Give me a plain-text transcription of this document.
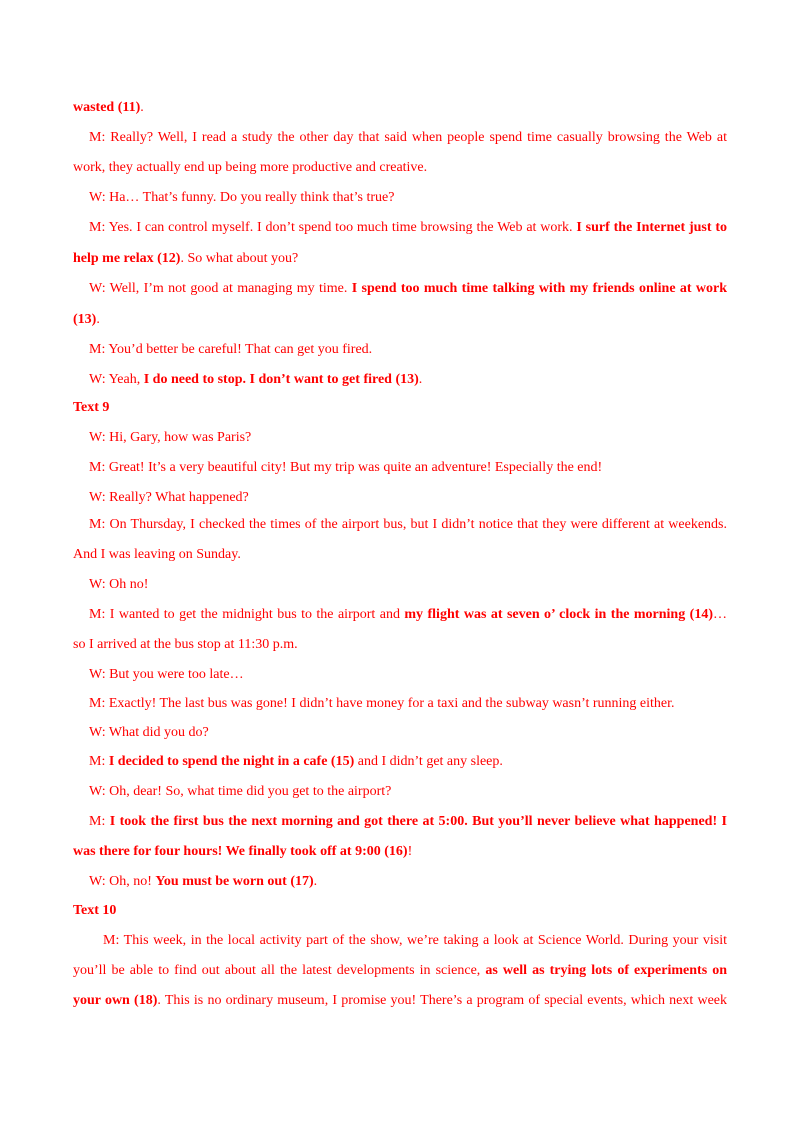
wasted (11).
M: Really? Well, I read a study the other day that said when people spend time casually browsing the Web at
work, they actually end up being more productive and creative.
W: Ha… That’s funny. Do you really think that’s true?
M: Yes. I can control myself. I don’t spend too much time browsing the Web at work. I surf the Internet just to
help me relax (12). So what about you?
W: Well, I’m not good at managing my time. I spend too much time talking with my friends online at work
(13).
M: You’d better be careful! That can get you fired.
W: Yeah, I do need to stop. I don’t want to get fired (13).
Text 9
W: Hi, Gary, how was Paris?
M: Great! It’s a very beautiful city! But my trip was quite an adventure! Especially the end!
W: Really? What happened?
M: On Thursday, I checked the times of the airport bus, but I didn’t notice that they were different at weekends.
And I was leaving on Sunday.
W: Oh no!
M: I wanted to get the midnight bus to the airport and my flight was at seven o’ clock in the morning (14)…
so I arrived at the bus stop at 11:30 p.m.
W: But you were too late…
M: Exactly! The last bus was gone! I didn’t have money for a taxi and the subway wasn’t running either.
W: What did you do?
M: I decided to spend the night in a cafe (15) and I didn’t get any sleep.
W: Oh, dear! So, what time did you get to the airport?
M: I took the first bus the next morning and got there at 5:00. But you’ll never believe what happened! I
was there for four hours! We finally took off at 9:00 (16)!
W: Oh, no! You must be worn out (17).
Text 10
M: This week, in the local activity part of the show, we’re taking a look at Science World. During your visit
you’ll be able to find out about all the latest developments in science, as well as trying lots of experiments on
your own (18). This is no ordinary museum, I promise you! There’s a program of special events, which next week
